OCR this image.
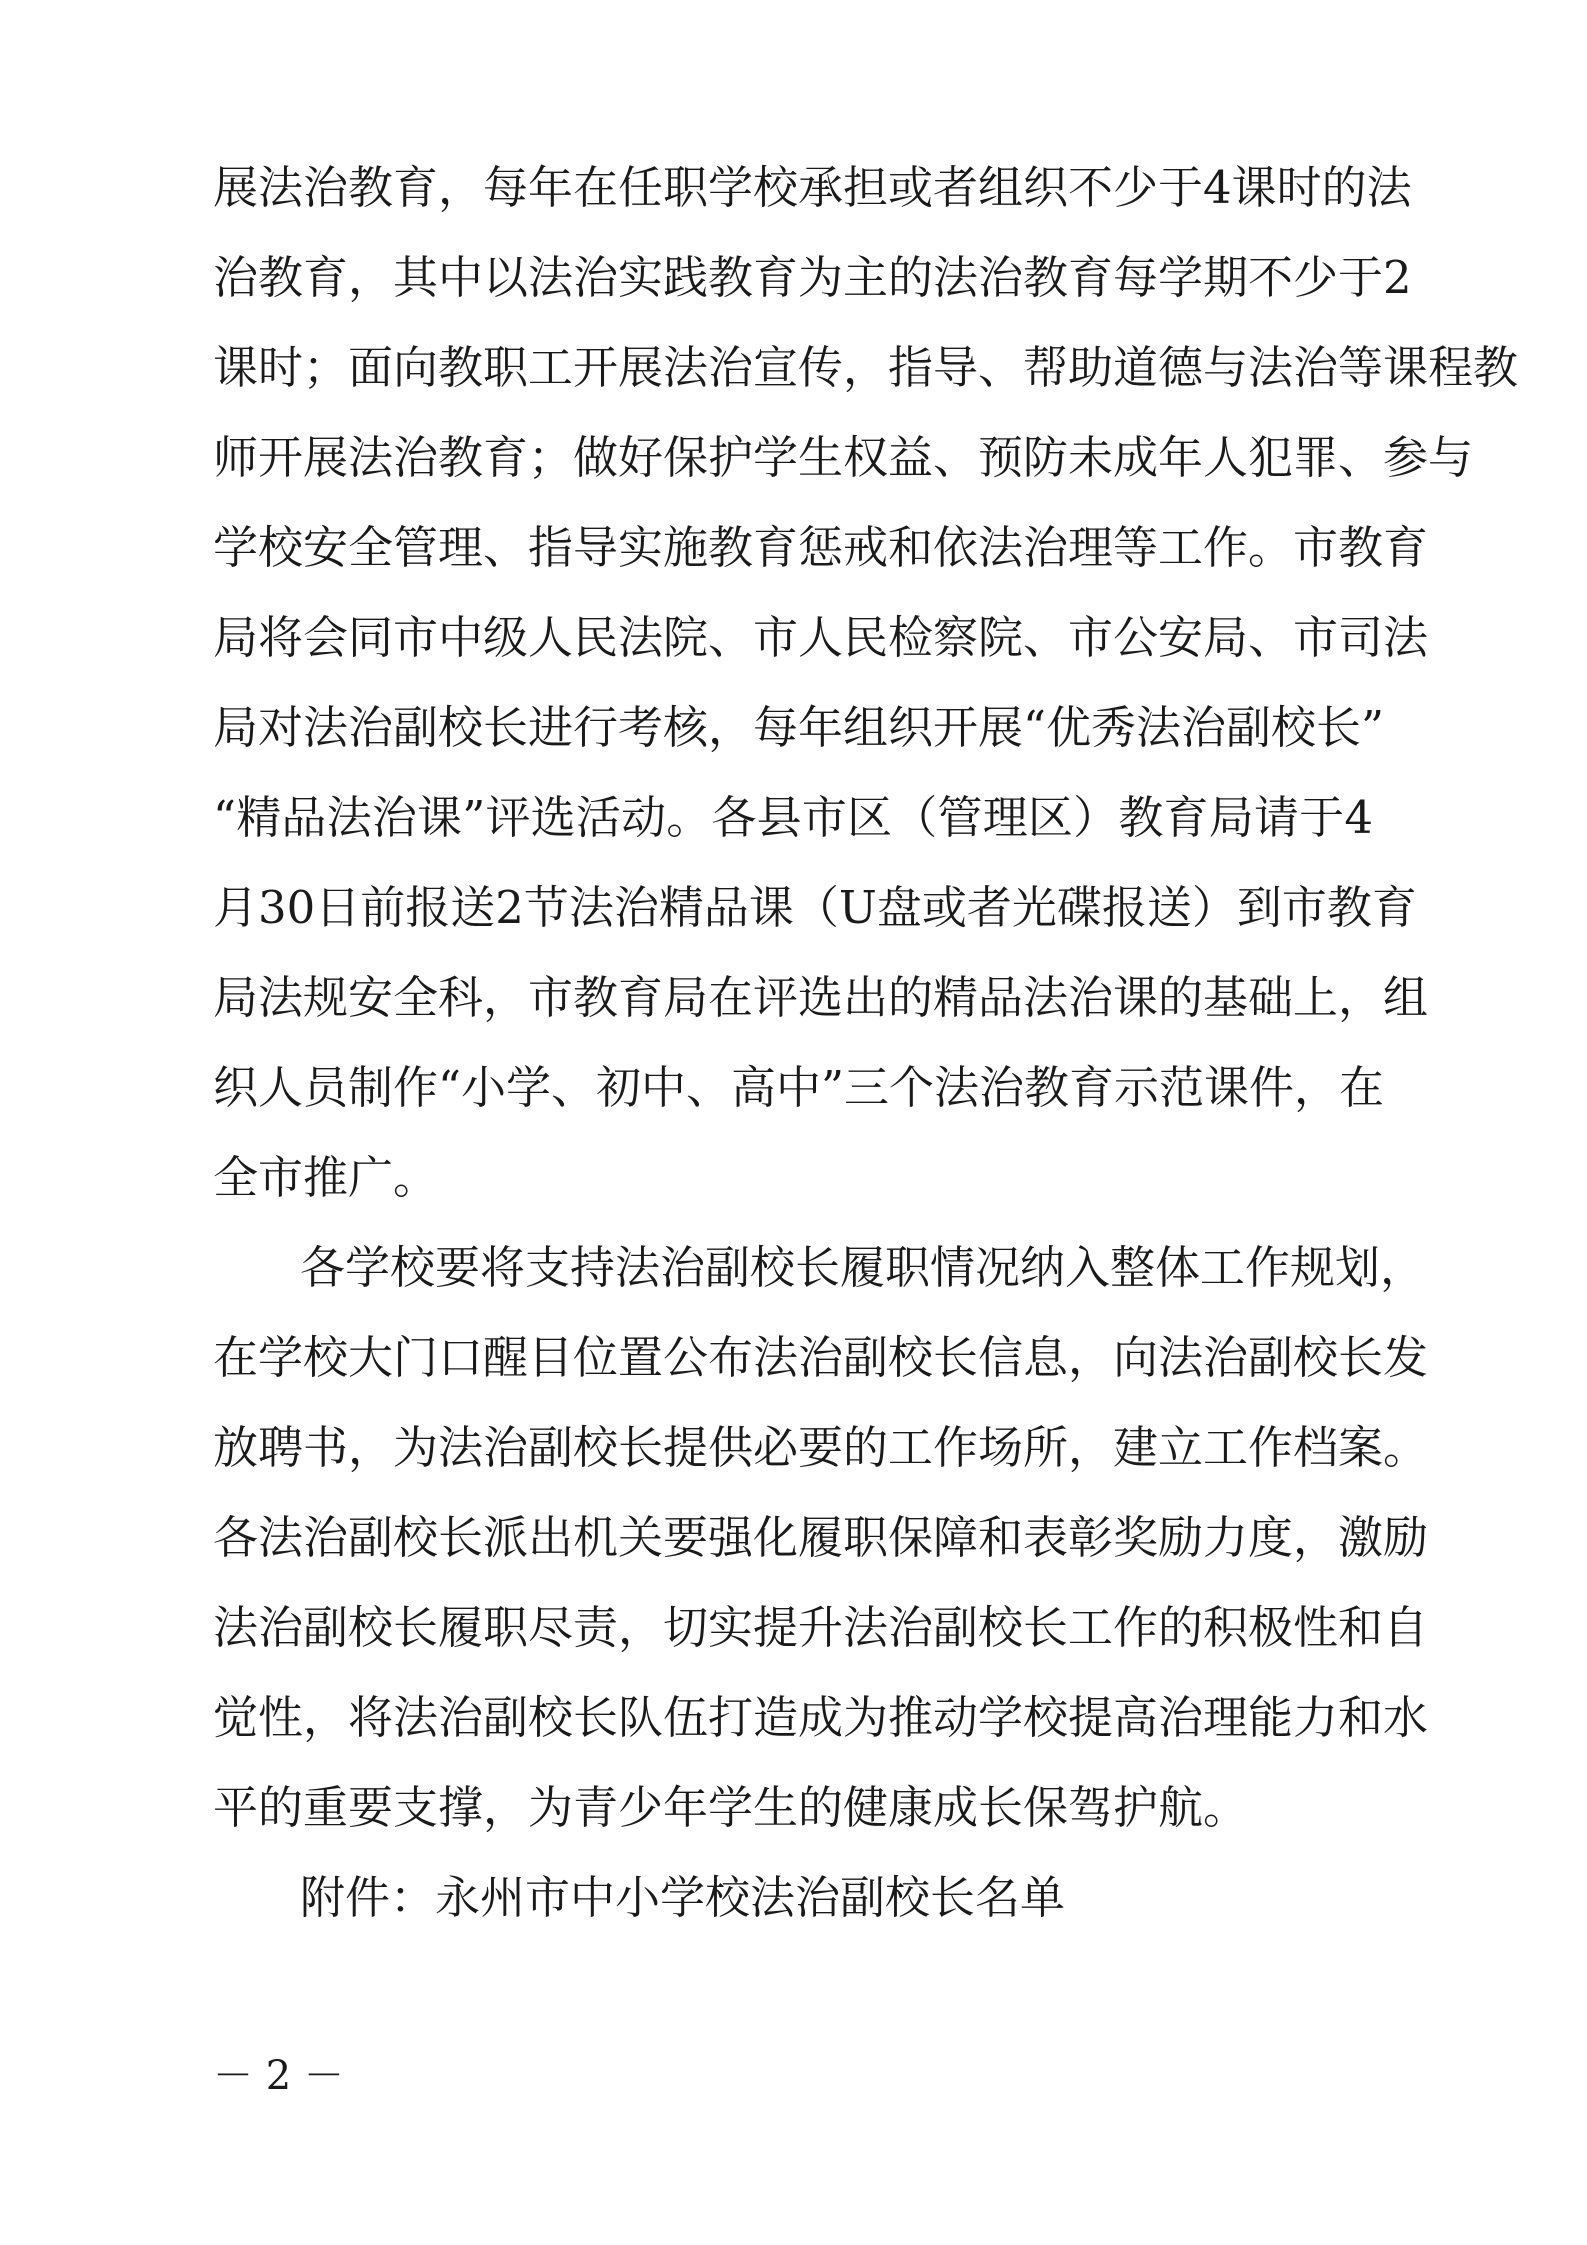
展法治教育，每年在任职学校承担或者组织不少于4课时的法
治教育，其中以法治实践教育为主的法治教育每学期不少于2
课时；面向教职工开展法治宣传，指导、帮助道德与法治等课程教
师开展法治教育；做好保护学生权益、预防未成年人犯罪、参与
学校安全管理、指导实施教育惩戒和依法治理等工作。市教育
局将会同市中级人民法院、市人民检察院、市公安局、市司法
局对法治副校长进行考核，每年组织开展“优秀法治副校长”
“精品法治课”评选活动。各县市区（管理区）教育局请于4
月30日前报送2节法治精品课（U盘或者光碟报送）到市教育
局法规安全科，市教育局在评选出的精品法治课的基础上，组
织人员制作“小学、初中、高中”三个法治教育示范课件，在
全市推广。
各学校要将支持法治副校长履职情况纳入整体工作规划，
在学校大门口醒目位置公布法治副校长信息，向法治副校长发
放聘书，为法治副校长提供必要的工作场所，建立工作档案。
各法治副校长派出机关要强化履职保障和表彰奖励力度，激励
法治副校长履职尽责，切实提升法治副校长工作的积极性和自
觉性，将法治副校长队伍打造成为推动学校提高治理能力和水
平的重要支撑，为青少年学生的健康成长保驾护航。
附件：永州市中小学校法治副校长名单
－ 2 －
